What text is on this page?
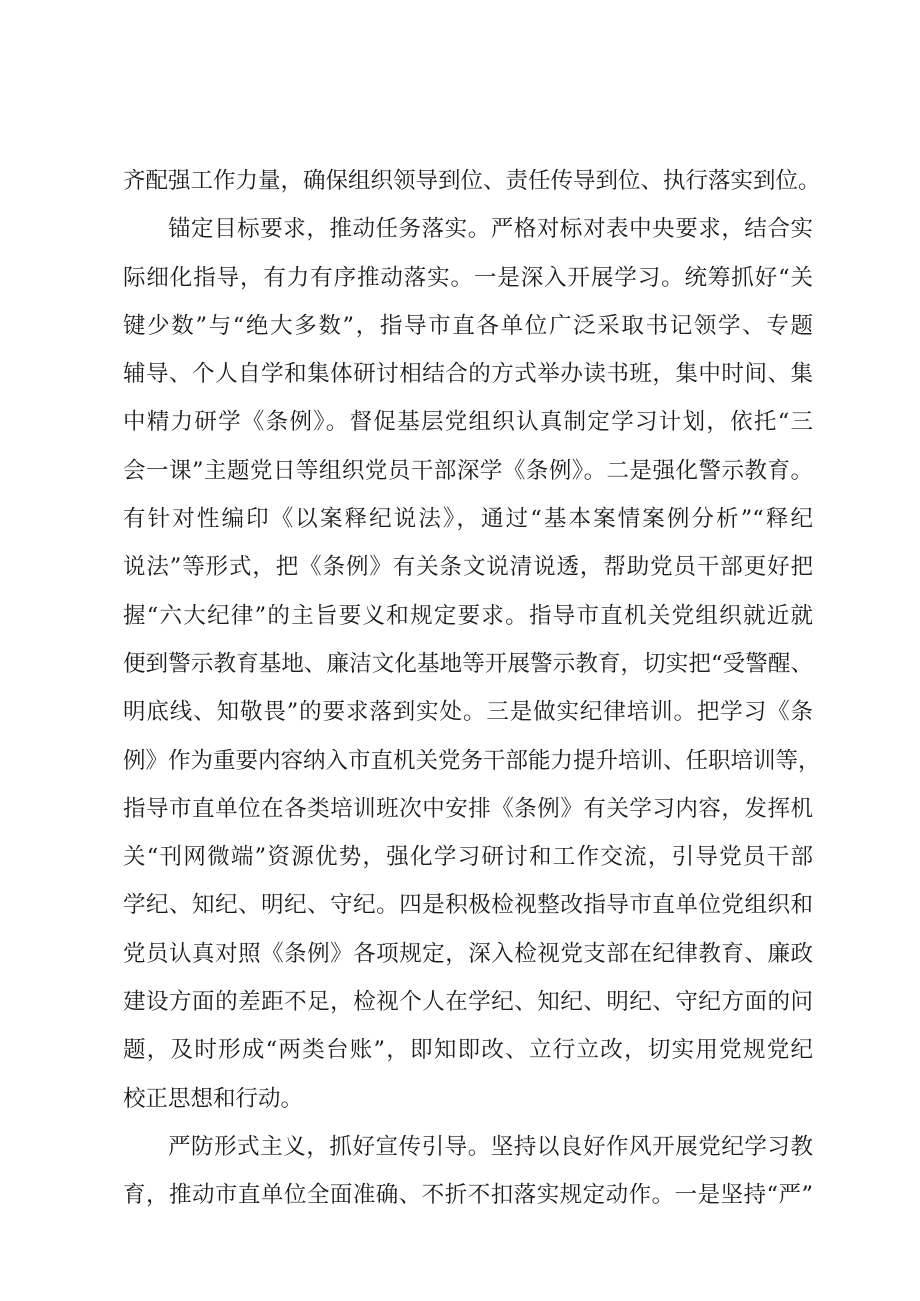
齐配强工作力量，确保组织领导到位、责任传导到位、执行落实到位。
锚定目标要求，推动任务落实。严格对标对表中央要求，结合实
际细化指导，有力有序推动落实。一是深入开展学习。统筹抓好“关
键少数”与“绝大多数”，指导市直各单位广泛采取书记领学、专题
辅导、个人自学和集体研讨相结合的方式举办读书班，集中时间、集
中精力研学《条例》。督促基层党组织认真制定学习计划，依托“三
会一课”主题党日等组织党员干部深学《条例》。二是强化警示教育。
有针对性编印《以案释纪说法》，通过“基本案情案例分析”“释纪
说法”等形式，把《条例》有关条文说清说透，帮助党员干部更好把
握“六大纪律”的主旨要义和规定要求。指导市直机关党组织就近就
便到警示教育基地、廉洁文化基地等开展警示教育，切实把“受警醒、
明底线、知敬畏”的要求落到实处。三是做实纪律培训。把学习《条
例》作为重要内容纳入市直机关党务干部能力提升培训、任职培训等，
指导市直单位在各类培训班次中安排《条例》有关学习内容，发挥机
关“刊网微端”资源优势，强化学习研讨和工作交流，引导党员干部
学纪、知纪、明纪、守纪。四是积极检视整改指导市直单位党组织和
党员认真对照《条例》各项规定，深入检视党支部在纪律教育、廉政
建设方面的差距不足，检视个人在学纪、知纪、明纪、守纪方面的问
题，及时形成“两类台账”，即知即改、立行立改，切实用党规党纪
校正思想和行动。
严防形式主义，抓好宣传引导。坚持以良好作风开展党纪学习教
育，推动市直单位全面准确、不折不扣落实规定动作。一是坚持“严”
